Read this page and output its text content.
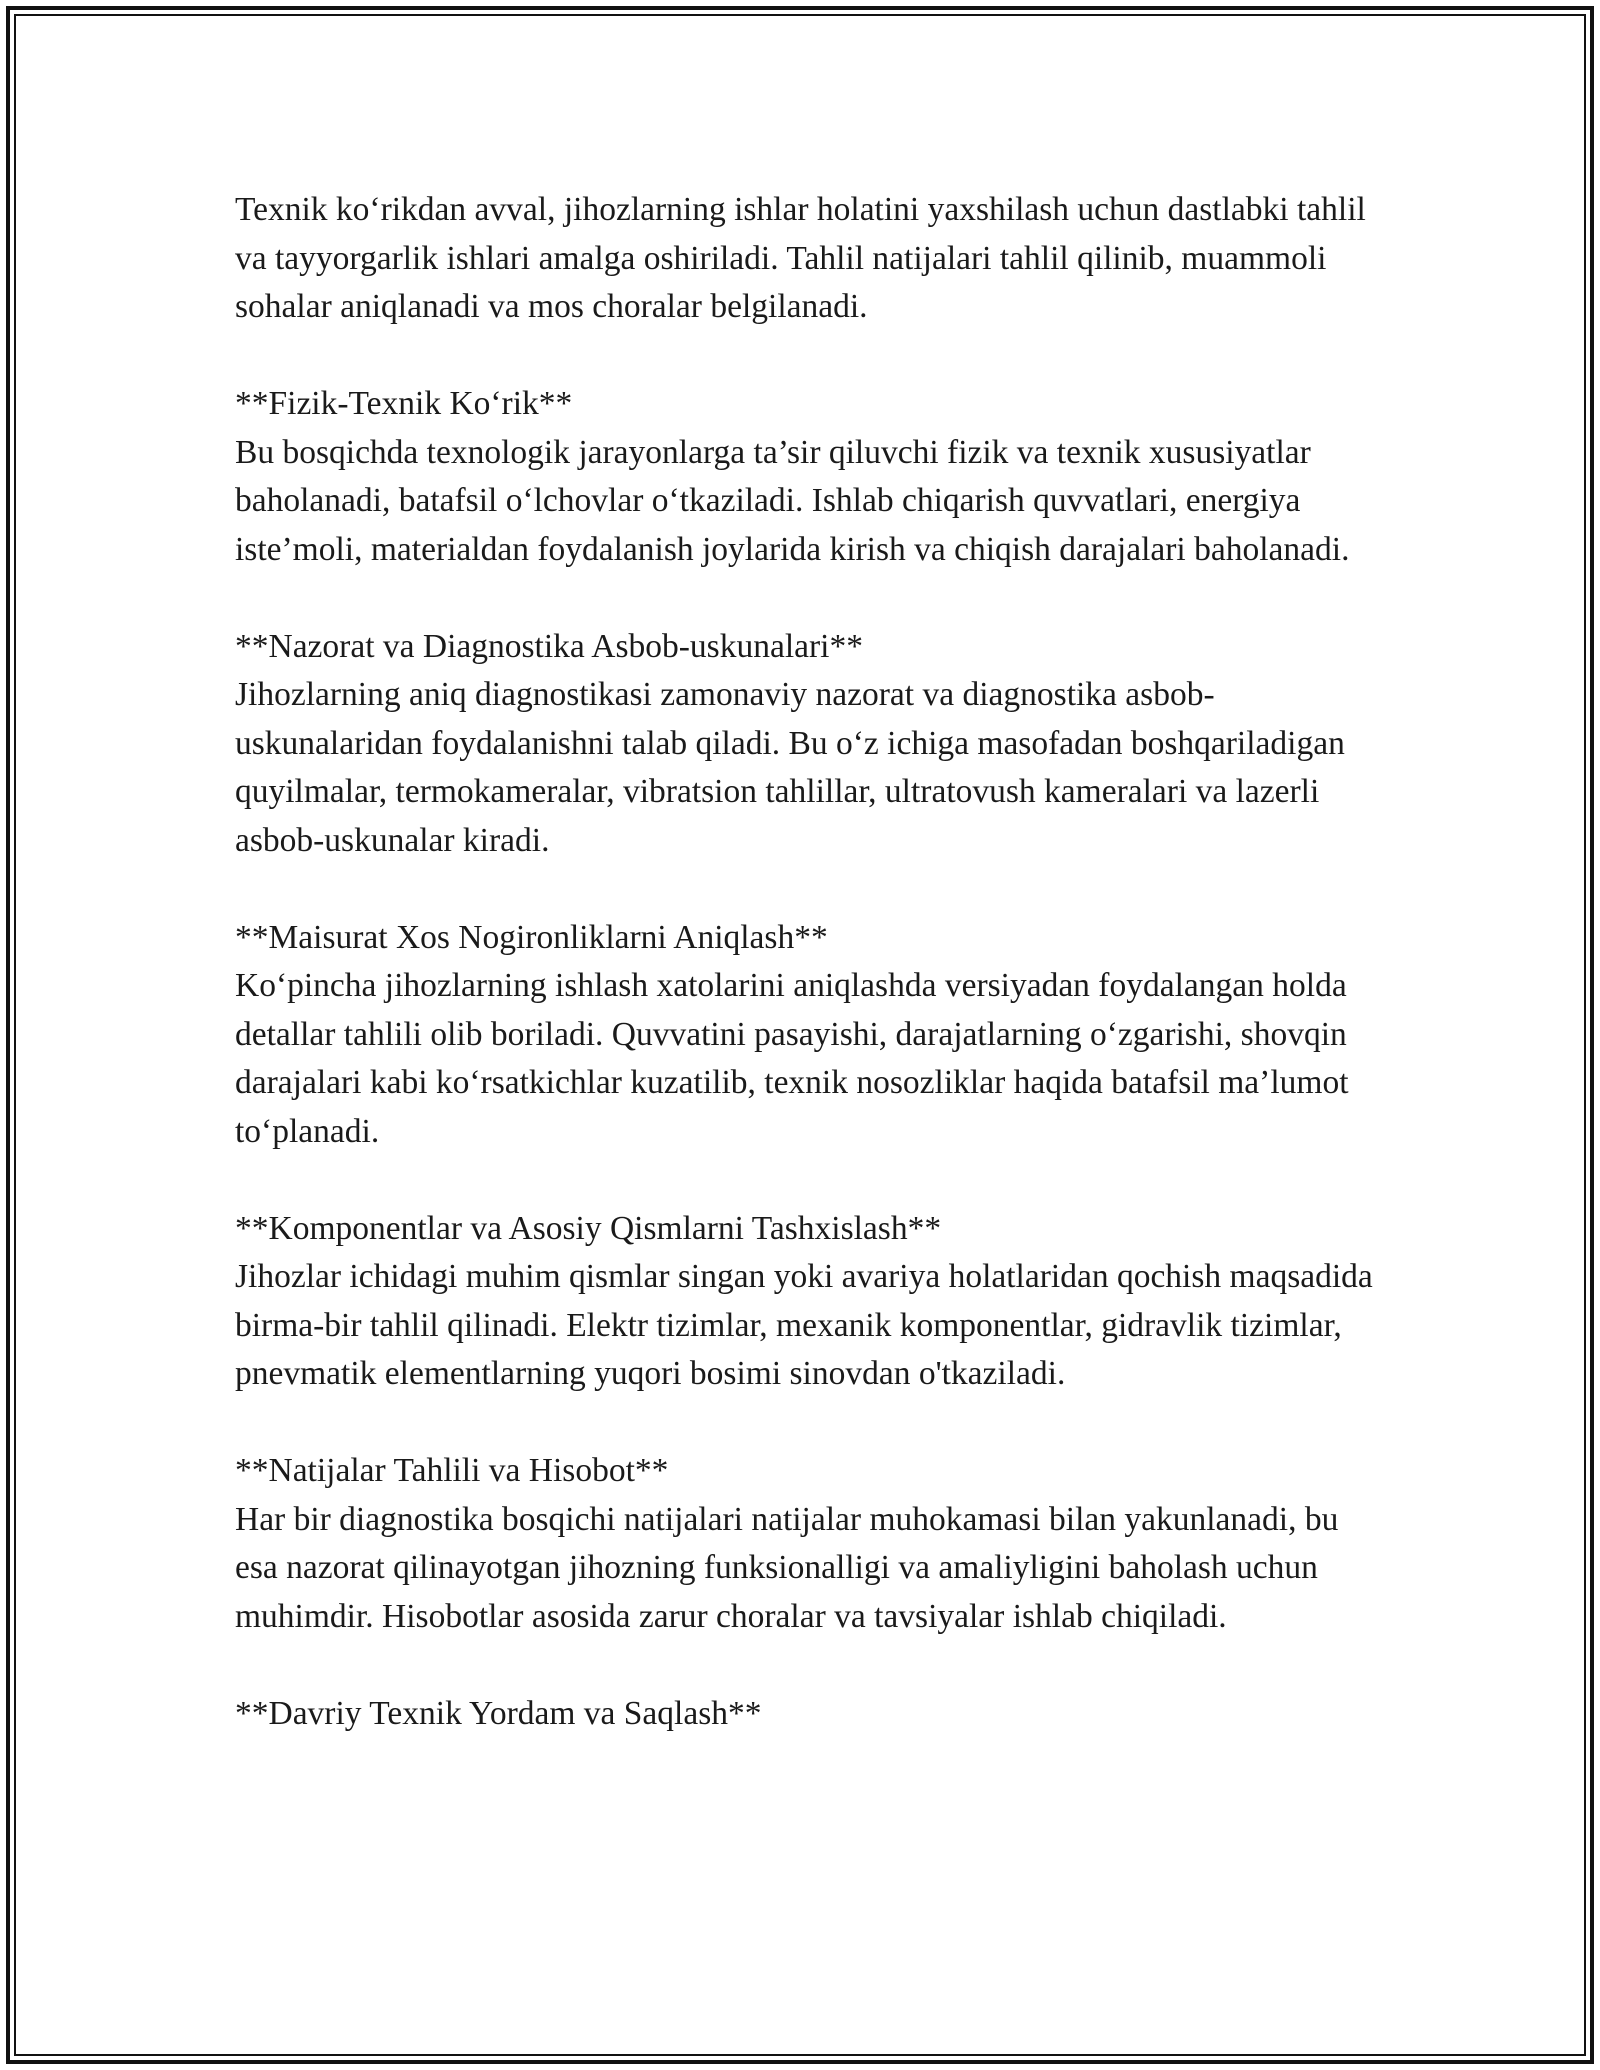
Texnik ko‘rikdan avval, jihozlarning ishlar holatini yaxshilash uchun dastlabki tahlil va tayyorgarlik ishlari amalga oshiriladi. Tahlil natijalari tahlil qilinib, muammoli sohalar aniqlanadi va mos choralar belgilanadi.

**Fizik-Texnik Ko‘rik**

Bu bosqichda texnologik jarayonlarga ta’sir qiluvchi fizik va texnik xususiyatlar baholanadi, batafsil o‘lchovlar o‘tkaziladi. Ishlab chiqarish quvvatlari, energiya iste’moli, materialdan foydalanish joylarida kirish va chiqish darajalari baholanadi.

**Nazorat va Diagnostika Asbob-uskunalari**

Jihozlarning aniq diagnostikasi zamonaviy nazorat va diagnostika asbob-uskunalaridan foydalanishni talab qiladi. Bu o‘z ichiga masofadan boshqariladigan quyilmalar, termokameralar, vibratsion tahlillar, ultratovush kameralari va lazerli asbob-uskunalar kiradi.

**Maisurat Xos Nogironliklarni Aniqlash**

Ko‘pincha jihozlarning ishlash xatolarini aniqlashda versiyadan foydalangan holda detallar tahlili olib boriladi. Quvvatini pasayishi, darajatlarning o‘zgarishi, shovqin darajalari kabi ko‘rsatkichlar kuzatilib, texnik nosozliklar haqida batafsil ma’lumot to‘planadi.

**Komponentlar va Asosiy Qismlarni Tashxislash**

Jihozlar ichidagi muhim qismlar singan yoki avariya holatlaridan qochish maqsadida birma-bir tahlil qilinadi. Elektr tizimlar, mexanik komponentlar, gidravlik tizimlar, pnevmatik elementlarning yuqori bosimi sinovdan o'tkaziladi.

**Natijalar Tahlili va Hisobot**

Har bir diagnostika bosqichi natijalari natijalar muhokamasi bilan yakunlanadi, bu esa nazorat qilinayotgan jihozning funksionalligi va amaliyligini baholash uchun muhimdir. Hisobotlar asosida zarur choralar va tavsiyalar ishlab chiqiladi.

**Davriy Texnik Yordam va Saqlash**
